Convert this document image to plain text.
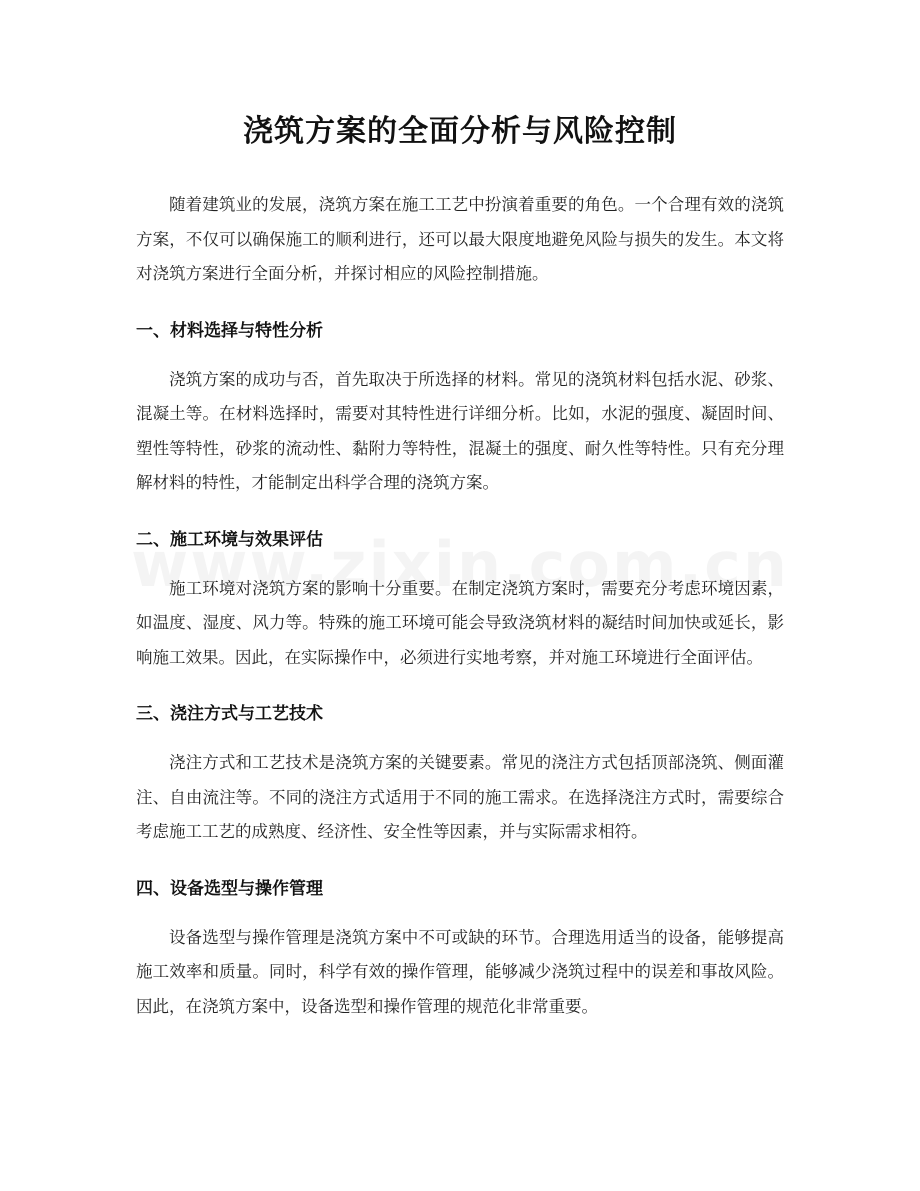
浇筑方案的全面分析与风险控制

随着建筑业的发展，浇筑方案在施工工艺中扮演着重要的角色。一个合理有效的浇筑方案，不仅可以确保施工的顺利进行，还可以最大限度地避免风险与损失的发生。本文将对浇筑方案进行全面分析，并探讨相应的风险控制措施。

一、材料选择与特性分析

浇筑方案的成功与否，首先取决于所选择的材料。常见的浇筑材料包括水泥、砂浆、混凝土等。在材料选择时，需要对其特性进行详细分析。比如，水泥的强度、凝固时间、塑性等特性，砂浆的流动性、黏附力等特性，混凝土的强度、耐久性等特性。只有充分理解材料的特性，才能制定出科学合理的浇筑方案。

二、施工环境与效果评估

施工环境对浇筑方案的影响十分重要。在制定浇筑方案时，需要充分考虑环境因素，如温度、湿度、风力等。特殊的施工环境可能会导致浇筑材料的凝结时间加快或延长，影响施工效果。因此，在实际操作中，必须进行实地考察，并对施工环境进行全面评估。

三、浇注方式与工艺技术

浇注方式和工艺技术是浇筑方案的关键要素。常见的浇注方式包括顶部浇筑、侧面灌注、自由流注等。不同的浇注方式适用于不同的施工需求。在选择浇注方式时，需要综合考虑施工工艺的成熟度、经济性、安全性等因素，并与实际需求相符。

四、设备选型与操作管理

设备选型与操作管理是浇筑方案中不可或缺的环节。合理选用适当的设备，能够提高施工效率和质量。同时，科学有效的操作管理，能够减少浇筑过程中的误差和事故风险。因此，在浇筑方案中，设备选型和操作管理的规范化非常重要。
